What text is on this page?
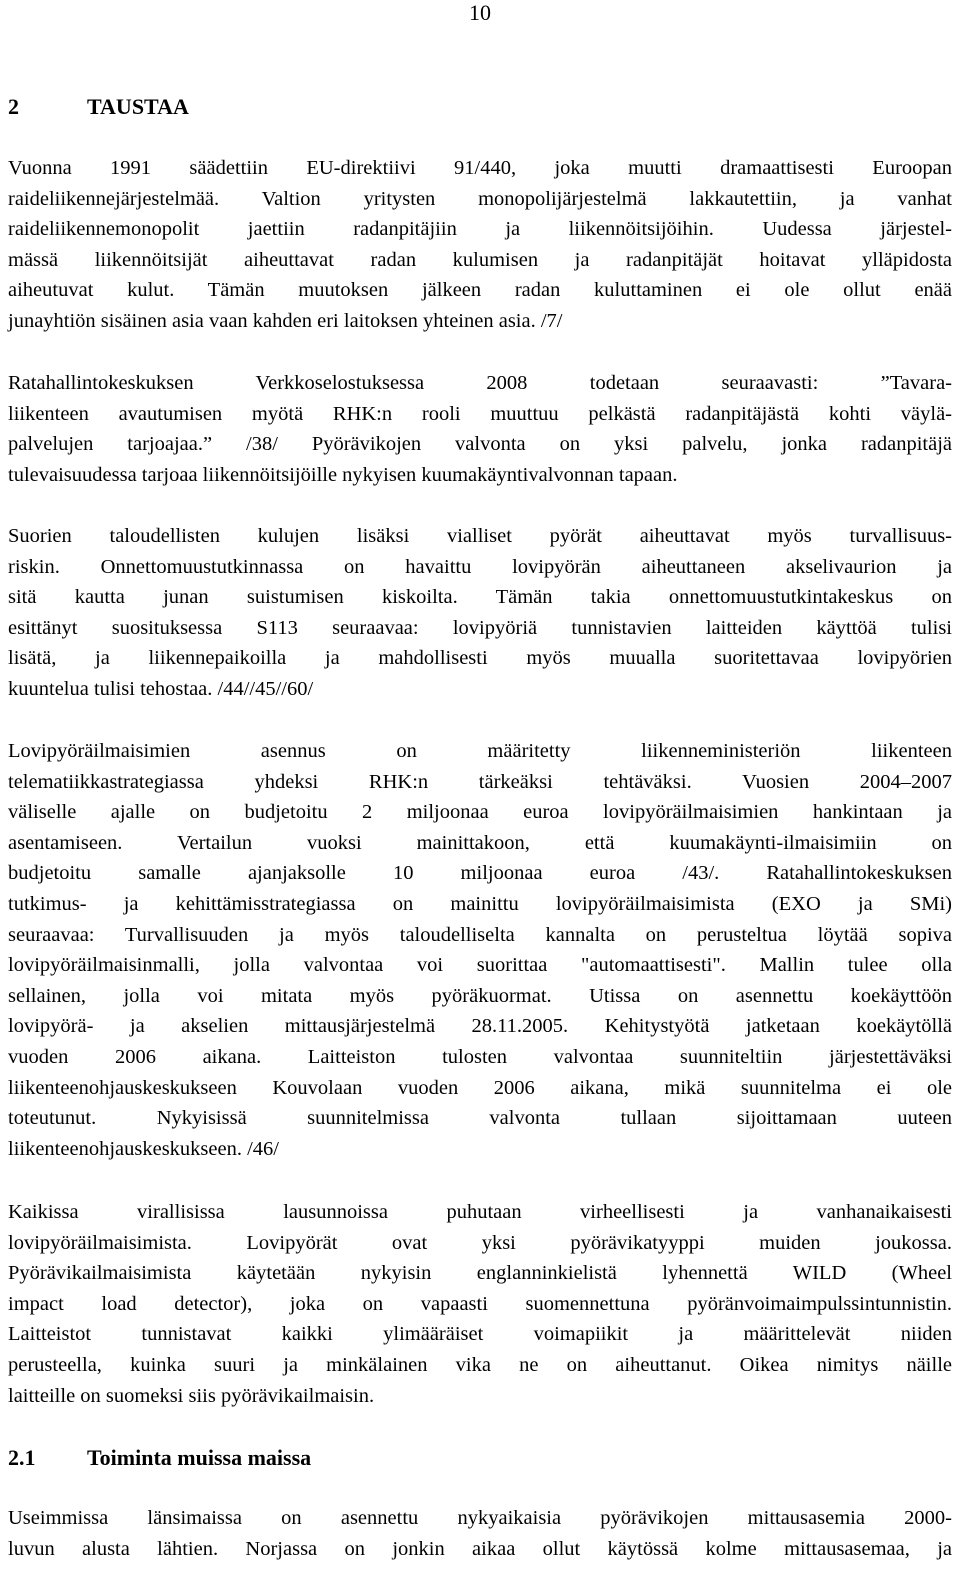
10
2	TAUSTAA
Vuonna 1991 säädettiin EU-direktiivi 91/440, joka muutti dramaattisesti Euroopan
raideliikennejärjestelmää. Valtion yritysten monopolijärjestelmä lakkautettiin, ja vanhat
raideliikennemonopolit jaettiin radanpitäjiin ja liikennöitsijöihin. Uudessa järjestel-
mässä liikennöitsijät aiheuttavat radan kulumisen ja radanpitäjät hoitavat ylläpidosta
aiheutuvat kulut. Tämän muutoksen jälkeen radan kuluttaminen ei ole ollut enää
junayhtiön sisäinen asia vaan kahden eri laitoksen yhteinen asia. /7/
Ratahallintokeskuksen Verkkoselostuksessa 2008 todetaan seuraavasti: ”Tavara-
liikenteen avautumisen myötä RHK:n rooli muuttuu pelkästä radanpitäjästä kohti väylä-
palvelujen tarjoajaa.” /38/ Pyörävikojen valvonta on yksi palvelu, jonka radanpitäjä
tulevaisuudessa tarjoaa liikennöitsijöille nykyisen kuumakäyntivalvonnan tapaan.
Suorien taloudellisten kulujen lisäksi vialliset pyörät aiheuttavat myös turvallisuus-
riskin. Onnettomuustutkinnassa on havaittu lovipyörän aiheuttaneen akselivaurion ja
sitä kautta junan suistumisen kiskoilta. Tämän takia onnettomuustutkintakeskus on
esittänyt suosituksessa S113 seuraavaa: lovipyöriä tunnistavien laitteiden käyttöä tulisi
lisätä, ja liikennepaikoilla ja mahdollisesti myös muualla suoritettavaa lovipyörien
kuuntelua tulisi tehostaa. /44//45//60/
Lovipyöräilmaisimien asennus on määritetty liikenneministeriön liikenteen
telematiikkastrategiassa yhdeksi RHK:n tärkeäksi tehtäväksi. Vuosien 2004–2007
väliselle ajalle on budjetoitu 2 miljoonaa euroa lovipyöräilmaisimien hankintaan ja
asentamiseen. Vertailun vuoksi mainittakoon, että kuumakäynti-ilmaisimiin on
budjetoitu samalle ajanjaksolle 10 miljoonaa euroa /43/. Ratahallintokeskuksen
tutkimus- ja kehittämisstrategiassa on mainittu lovipyöräilmaisimista (EXO ja SMi)
seuraavaa: Turvallisuuden ja myös taloudelliselta kannalta on perusteltua löytää sopiva
lovipyöräilmaisinmalli, jolla valvontaa voi suorittaa "automaattisesti". Mallin tulee olla
sellainen, jolla voi mitata myös pyöräkuormat. Utissa on asennettu koekäyttöön
lovipyörä- ja akselien mittausjärjestelmä 28.11.2005. Kehitystyötä jatketaan koekäytöllä
vuoden 2006 aikana. Laitteiston tulosten valvontaa suunniteltiin järjestettäväksi
liikenteenohjauskeskukseen Kouvolaan vuoden 2006 aikana, mikä suunnitelma ei ole
toteutunut. Nykyisissä suunnitelmissa valvonta tullaan sijoittamaan uuteen
liikenteenohjauskeskukseen. /46/
Kaikissa virallisissa lausunnoissa puhutaan virheellisesti ja vanhanaikaisesti
lovipyöräilmaisimista. Lovipyörät ovat yksi pyörävikatyyppi muiden joukossa.
Pyörävikailmaisimista käytetään nykyisin englanninkielistä lyhennettä WILD (Wheel
impact load detector), joka on vapaasti suomennettuna pyöränvoimaimpulssintunnistin.
Laitteistot tunnistavat kaikki ylimääräiset voimapiikit ja määrittelevät niiden
perusteella, kuinka suuri ja minkälainen vika ne on aiheuttanut. Oikea nimitys näille
laitteille on suomeksi siis pyörävikailmaisin.
2.1 Toiminta muissa maissa
Useimmissa länsimaissa on asennettu nykyaikaisia pyörävikojen mittausasemia 2000-
luvun alusta lähtien. Norjassa on jonkin aikaa ollut käytössä kolme mittausasemaa, ja
